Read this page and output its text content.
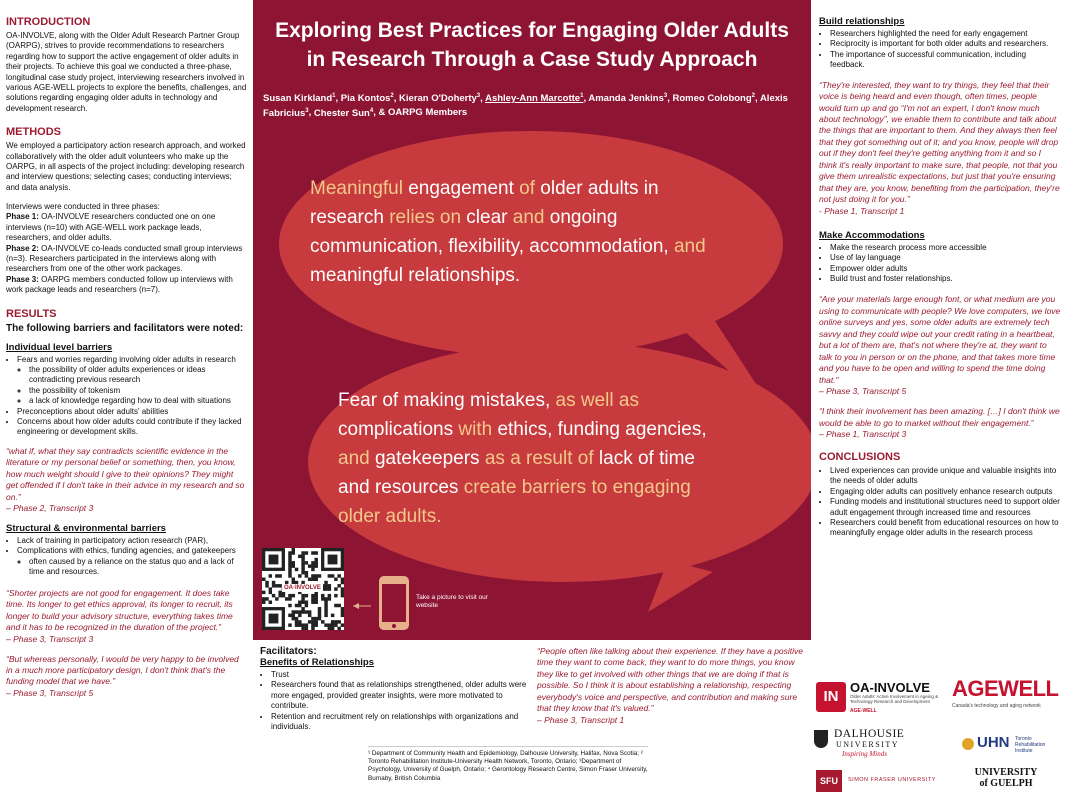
INTRODUCTION

OA-INVOLVE, along with the Older Adult Research Partner Group (OARPG), strives to provide recommendations to researchers regarding how to support the active engagement of older adults in their projects. To achieve this goal we conducted a three-phase, longitudinal case study project, interviewing researchers involved in various AGE-WELL projects to explore the benefits, challenges, and solutions regarding engaging older adults in technology and development research.

METHODS

We employed a participatory action research approach, and worked collaboratively with the older adult volunteers who make up the OARPG, in all aspects of the project including: developing research and interview questions; selecting cases; conducting interviews; and data analysis.

Interviews were conducted in three phases:

Phase 1: OA-INVOLVE researchers conducted one on one interviews (n=10) with AGE-WELL work package leads, researchers, and older adults.

Phase 2: OA-INVOLVE co-leads conducted small group interviews (n=3). Researchers participated in the interviews along with researchers from one of the other work packages.

Phase 3: OARPG members conducted follow up interviews with work package leads and researchers (n=7).

RESULTS
The following barriers and facilitators were noted:
Individual level barriers
• Fears and worries regarding involving older adults in research
◦ the possibility of older adults experiences or ideas contradicting previous research
◦ the possibility of tokenism
◦ a lack of knowledge regarding how to deal with situations
• Preconceptions about older adults' abilities
• Concerns about how older adults could contribute if they lacked engineering or development skills.

“what if, what they say contradicts scientific evidence in the literature or my personal belief or something, then, you know, how much weight should I give to their opinions? They might get offended if I don't take in their advice in my research and so on.”

– Phase 2, Transcript 3

Structural & environmental barriers
• Lack of training in participatory action research (PAR),
• Complications with ethics, funding agencies, and gatekeepers
◦ often caused by a reliance on the status quo and a lack of time and resources.

“Shorter projects are not good for engagement. It does take time. Its longer to get ethics approval, its longer to recruit, its longer to build your advisory structure, everything takes time and it has to be recognized in the duration of the project.”

– Phase 3, Transcript 3

“But whereas personally, I would be very happy to be involved in a much more participatory design, I don't think that's the funding model that we have.”

– Phase 3, Transcript 5

Exploring Best Practices for Engaging Older Adults
in Research Through a Case Study Approach
Susan Kirkland$^1$, Pia Kontos$^2$, Kieran O'Doherty$^3$, Ashley-Ann Marcotte$^1$, Amanda Jenkins$^3$, Romeo Colobong$^2$, Alexis Fabricius$^3$, Chester Sun$^4$, & OARPG Members
Meaningful engagement of older adults in
research relies on clear and ongoing
communication, flexibility, accommodation, and
meaningful relationships.
Fear of making mistakes, as well as
complications with ethics, funding agencies,
and gatekeepers as a result of lack of time
and resources create barriers to engaging
older adults.
Take a picture to visit our website
OA·INVOLVE
Facilitators:
Benefits of Relationships
• Trust
• Researchers found that as relationships strengthened, older adults were more engaged, provided greater insights, were more motivated to contribute.
• Retention and recruitment rely on relationships with organizations and individuals.

“People often like talking about their experience. If they have a positive time they want to come back, they want to do more things, you know they like to get involved with other things that we are doing if that is possible. So I think it is about establishing a relationship, respecting everybody's voice and perspective, and contribution and making sure that they know that it's valued.”

– Phase 3, Transcript 1

¹ Department of Community Health and Epidemiology, Dalhousie University, Halifax, Nova Scotia; ² Toronto Rehabilitation Institute-University Health Network, Toronto, Ontario; ³Department of Psychology, University of Guelph, Ontario; ⁴ Gerontology Research Centre, Simon Fraser University, Burnaby, British Columbia
Build relationships
• Researchers highlighted the need for early engagement
• Reciprocity is important for both older adults and researchers.
• The importance of successful communication, including feedback.

“They're interested, they want to try things, they feel that their voice is being heard and even though, often times, people would turn up and go “I'm not an expert, I don't know much about technology”, we enable them to contribute and talk about the things that are important to them. And they always then feel that they got something out of it; and you know, people will drop out if they don't feel they're getting anything from it and so I think it's really important to make sure, that people, not that you give them unrealistic expectations, but just that you're ensuring that they are, you know, benefiting from the participation, they're not just doing it for you.”

- Phase 1, Transcript 1

Make Accommodations
• Make the research process more accessible
• Use of lay language
• Empower older adults
• Build trust and foster relationships.

“Are your materials large enough font, or what medium are you using to communicate with people? We love computers, we love online surveys and yes, some older adults are extremely tech savvy and they could wipe out your credit rating in a heartbeat, but a lot of them are, that's not where they're at, they want to talk to you in person or on the phone, and that takes more time and you have to be open and willing to spend the time doing that."

– Phase 3, Transcript 5

“I think their involvement has been amazing. […] I don't think we would be able to go to market without their engagement.”

– Phase 1, Transcript 3

CONCLUSIONS
• Lived experiences can provide unique and valuable insights into the needs of older adults
• Engaging older adults can positively enhance research outputs
• Funding models and institutional structures need to support older adult engagement through increased time and resources
• Researchers could benefit from educational resources on how to meaningfully engage older adults in the research process
IN
OA-INVOLVE
Older Adults' Active Involvement in Ageing & Technology Research and Development
AGE-WELL
AGEWELL
Canada's technology and aging network
DALHOUSIE
UNIVERSITY
Inspiring Minds
UHN Toronto Rehabilitation Institute
SFU	SIMON FRASER UNIVERSITY
UNIVERSITY
of GUELPH
